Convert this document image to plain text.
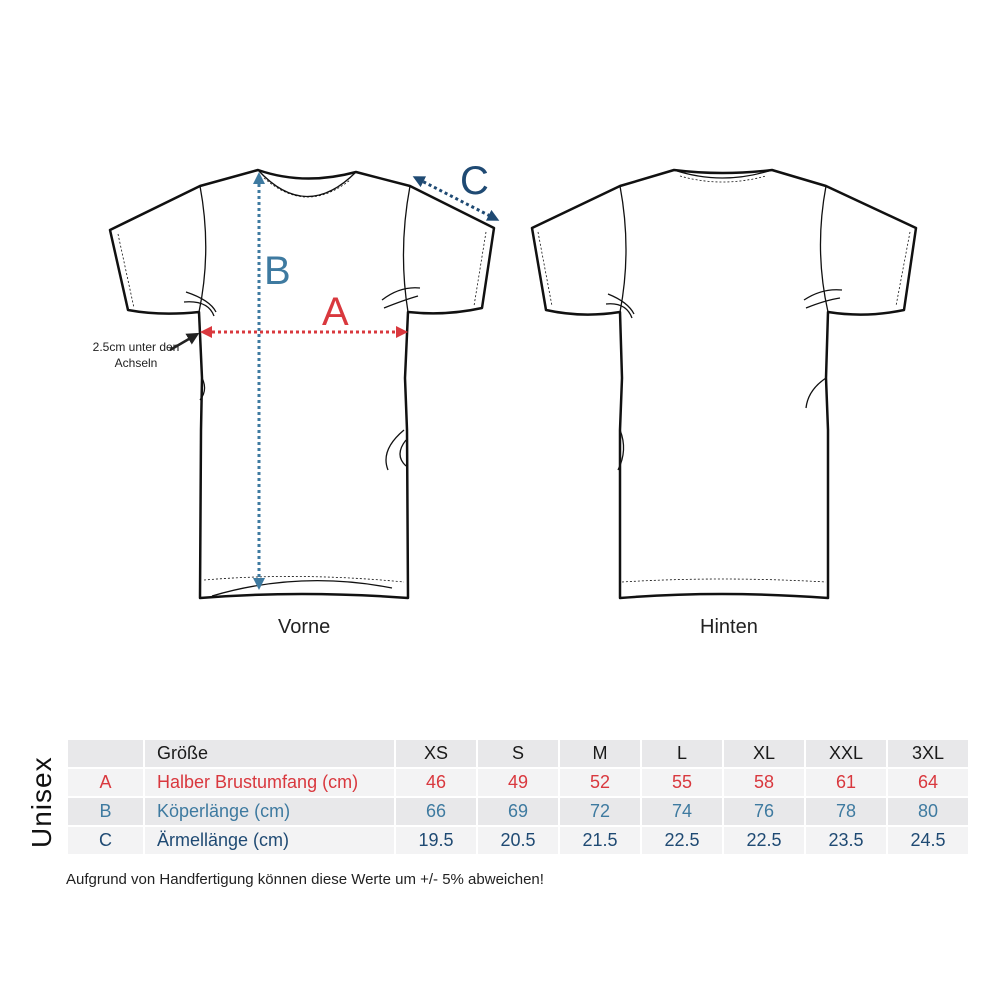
A
B
C
2.5cm unter den Achseln
Vorne	Hinten
Unisex
	Größe	XS	S	M	L	XL	XXL	3XL
A	Halber Brustumfang (cm)	46	49	52	55	58	61	64
B	Köperlänge (cm)	66	69	72	74	76	78	80
C	Ärmellänge (cm)	19.5	20.5	21.5	22.5	22.5	23.5	24.5
Aufgrund von Handfertigung können diese Werte um +/- 5% abweichen!
